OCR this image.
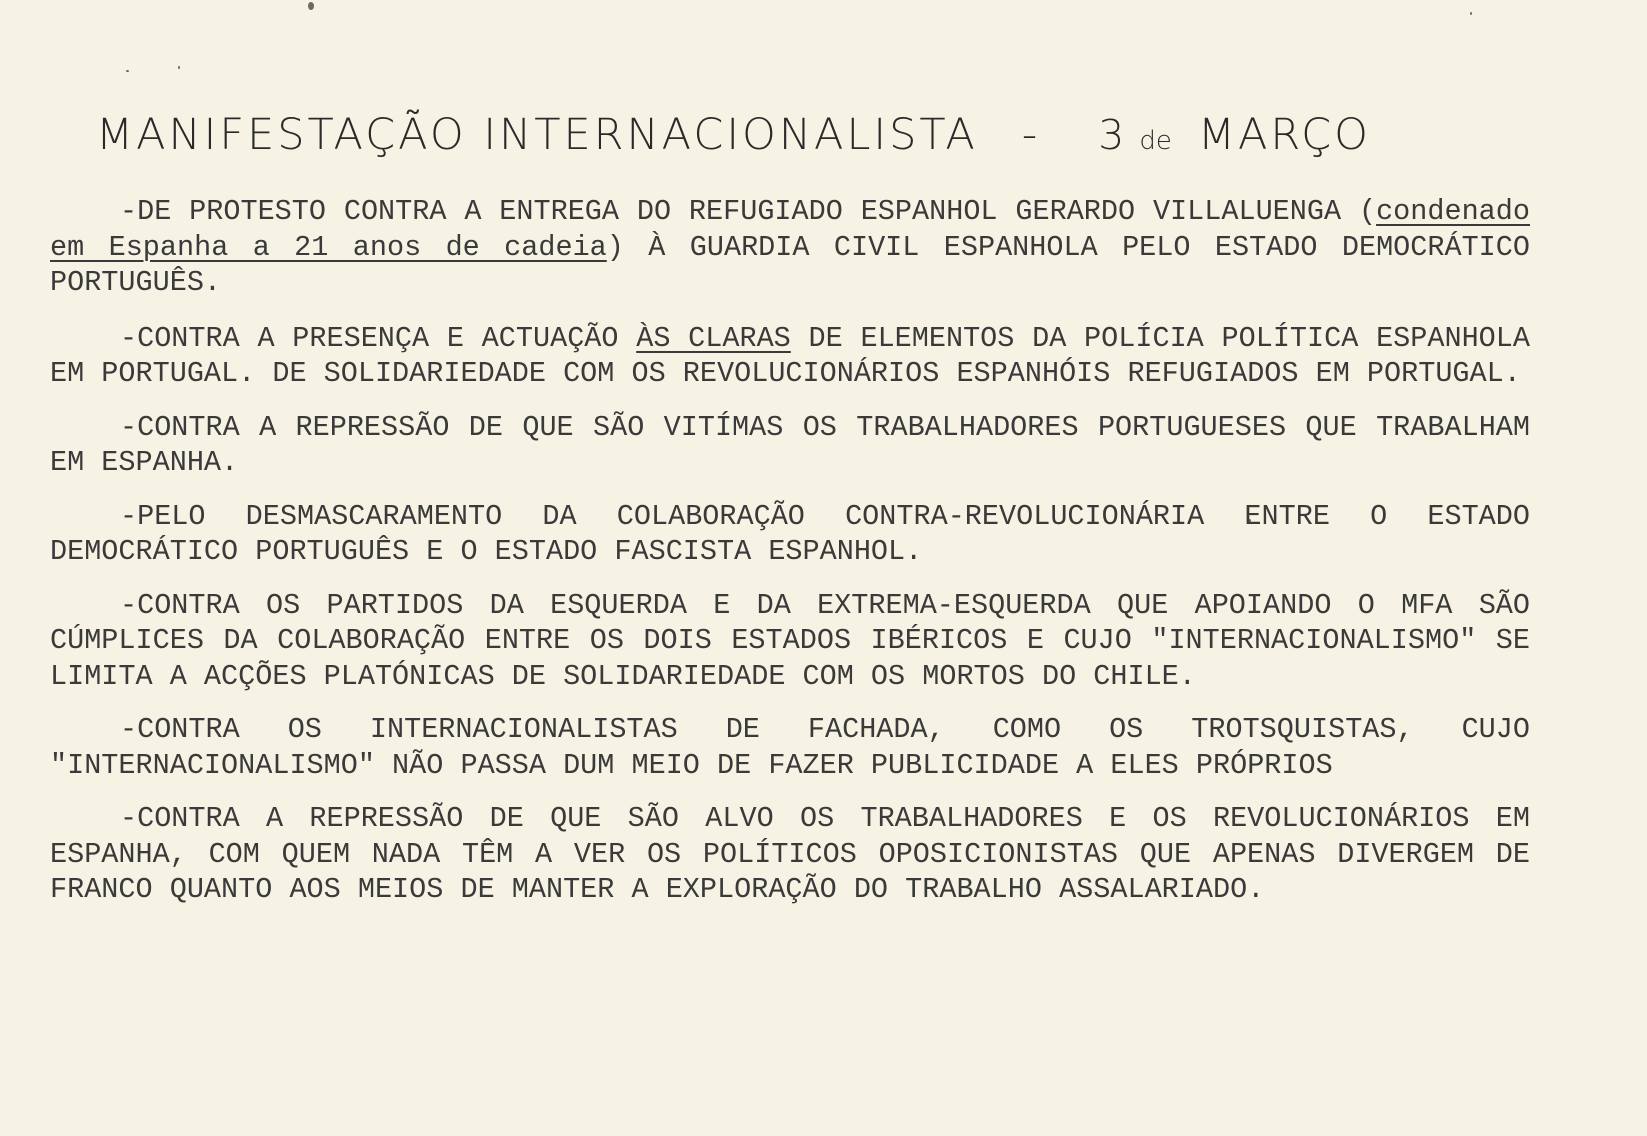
MANIFESTAÇÃO INTERNACIONALISTA - 3 de MARÇO

-DE PROTESTO CONTRA A ENTREGA DO REFUGIADO ESPANHOL GERARDO VILLALUENGA (condenado em Espanha a 21 anos de cadeia) À GUARDIA CIVIL ESPANHOLA PELO ESTADO DEMOCRÁTICO PORTUGUÊS.

-CONTRA A PRESENÇA E ACTUAÇÃO ÀS CLARAS DE ELEMENTOS DA POLÍCIA POLÍTICA ESPANHOLA EM PORTUGAL. DE SOLIDARIEDADE COM OS REVOLUCIONÁRIOS ESPANHÓIS REFUGIADOS EM PORTUGAL.

-CONTRA A REPRESSÃO DE QUE SÃO VITÍMAS OS TRABALHADORES PORTUGUESES QUE TRABALHAM EM ESPANHA.

-PELO DESMASCARAMENTO DA COLABORAÇÃO CONTRA-REVOLUCIONÁRIA ENTRE O ESTADO DEMOCRÁTICO PORTUGUÊS E O ESTADO FASCISTA ESPANHOL.

-CONTRA OS PARTIDOS DA ESQUERDA E DA EXTREMA-ESQUERDA QUE APOIANDO O MFA SÃO CÚMPLICES DA COLABORAÇÃO ENTRE OS DOIS ESTADOS IBÉRICOS E CUJO "INTERNACIONALISMO" SE LIMITA A ACÇÕES PLATÓNICAS DE SOLIDARIEDADE COM OS MORTOS DO CHILE.

-CONTRA OS INTERNACIONALISTAS DE FACHADA, COMO OS TROTSQUISTAS, CUJO "INTERNACIONALISMO" NÃO PASSA DUM MEIO DE FAZER PUBLICIDADE A ELES PRÓPRIOS

-CONTRA A REPRESSÃO DE QUE SÃO ALVO OS TRABALHADORES E OS REVOLUCIONÁRIOS EM ESPANHA, COM QUEM NADA TÊM A VER OS POLÍTICOS OPOSICIONISTAS QUE APENAS DIVERGEM DE FRANCO QUANTO AOS MEIOS DE MANTER A EXPLORAÇÃO DO TRABALHO ASSALARIADO.
